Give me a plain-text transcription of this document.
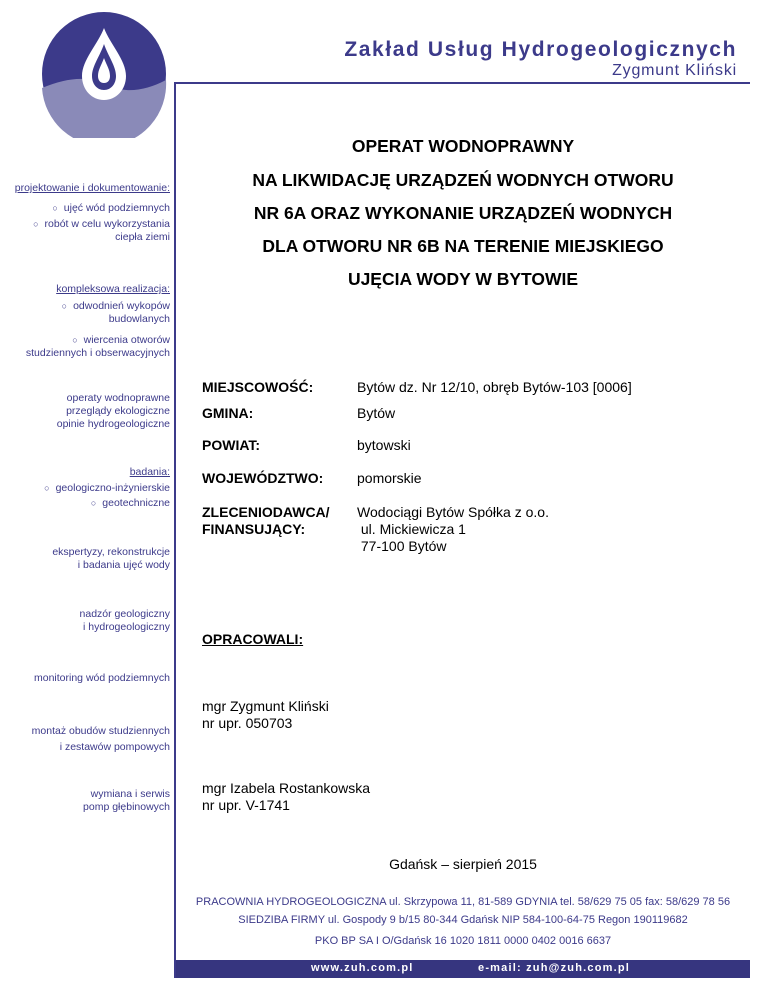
Zakład Usług Hydrogeologicznych
Zygmunt Kliński
projektowanie i dokumentowanie:
○ ujęć wód podziemnych
○ robót w celu wykorzystania
ciepła ziemi
kompleksowa realizacja:
○ odwodnień wykopów
budowlanych
○ wiercenia otworów
studziennych i obserwacyjnych
operaty wodnoprawne
przeglądy ekologiczne
opinie hydrogeologiczne
badania:
○ geologiczno-inżynierskie
○ geotechniczne
ekspertyzy, rekonstrukcje
i badania ujęć wody
nadzór geologiczny
i hydrogeologiczny
monitoring wód podziemnych
montaż obudów studziennych
i zestawów pompowych
wymiana i serwis
pomp głębinowych
OPERAT WODNOPRAWNY
NA LIKWIDACJĘ URZĄDZEŃ WODNYCH OTWORU
NR 6A ORAZ WYKONANIE URZĄDZEŃ WODNYCH
DLA OTWORU NR 6B NA TERENIE MIEJSKIEGO
UJĘCIA WODY W BYTOWIE
MIEJSCOWOŚĆ:	Bytów dz. Nr 12/10, obręb Bytów-103 [0006]
GMINA:	Bytów
POWIAT:	bytowski
WOJEWÓDZTWO: pomorskie
ZLECENIODAWCA/
FINANSUJĄCY:
Wodociągi Bytów Spółka z o.o.
ul. Mickiewicza 1
77-100 Bytów
OPRACOWALI:
mgr Zygmunt Kliński
nr upr. 050703
mgr Izabela Rostankowska
nr upr. V-1741
Gdańsk – sierpień 2015
PRACOWNIA HYDROGEOLOGICZNA ul. Skrzypowa 11, 81-589 GDYNIA tel. 58/629 75 05 fax: 58/629 78 56
SIEDZIBA FIRMY ul. Gospody 9 b/15 80-344 Gdańsk NIP 584-100-64-75 Regon 190119682
PKO BP SA I O/Gdańsk 16 1020 1811 0000 0402 0016 6637
www.zuh.com.pl	e-mail: zuh@zuh.com.pl
